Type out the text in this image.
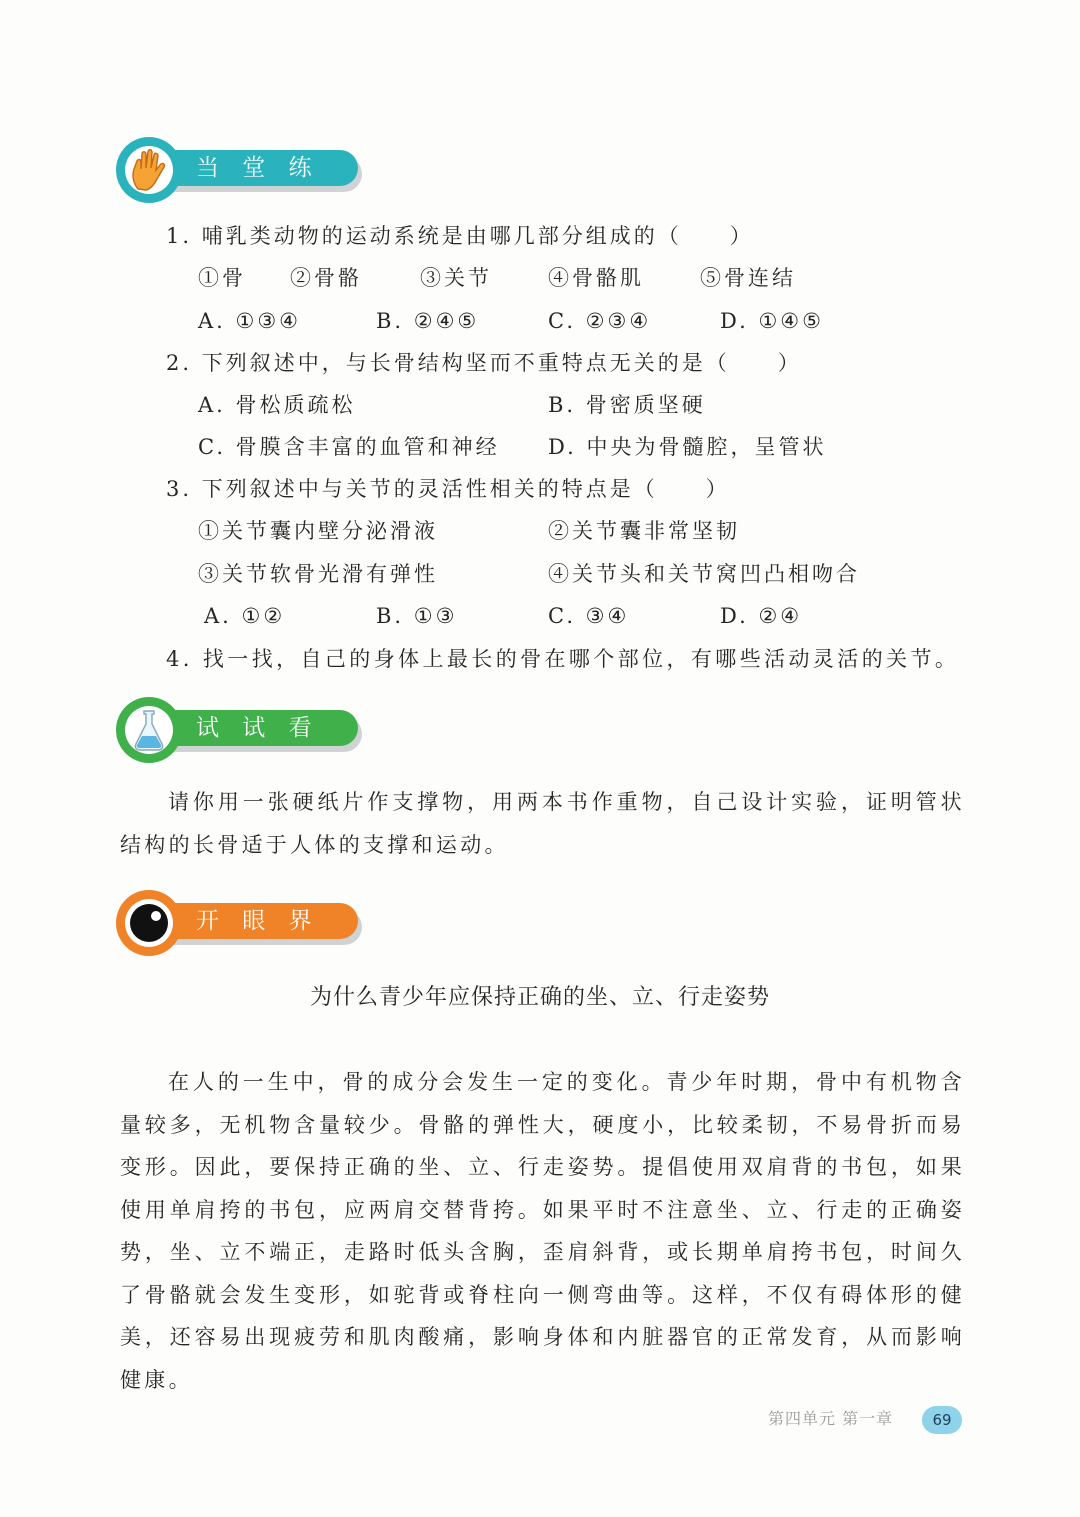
当 堂 练
1. 哺乳类动物的运动系统是由哪几部分组成的（　　）
①骨 ②骨骼	③关节	④骨骼肌	⑤骨连结
A. ①③④	B. ②④⑤	C. ②③④	D. ①④⑤
2. 下列叙述中，与长骨结构坚而不重特点无关的是（　　）
A. 骨松质疏松	B. 骨密质坚硬
C. 骨膜含丰富的血管和神经 D. 中央为骨髓腔，呈管状
3. 下列叙述中与关节的灵活性相关的特点是（　　）
①关节囊内壁分泌滑液	②关节囊非常坚韧
③关节软骨光滑有弹性	④关节头和关节窝凹凸相吻合
A. ①②	B. ①③	C. ③④	D. ②④
4. 找一找，自己的身体上最长的骨在哪个部位，有哪些活动灵活的关节。
试 试 看
请你用一张硬纸片作支撑物，用两本书作重物，自己设计实验，证明管状结构的长骨适于人体的支撑和运动。
开 眼 界
为什么青少年应保持正确的坐、立、行走姿势
在人的一生中，骨的成分会发生一定的变化。青少年时期，骨中有机物含量较多，无机物含量较少。骨骼的弹性大，硬度小，比较柔韧，不易骨折而易变形。因此，要保持正确的坐、立、行走姿势。提倡使用双肩背的书包，如果使用单肩挎的书包，应两肩交替背挎。如果平时不注意坐、立、行走的正确姿势，坐、立不端正，走路时低头含胸，歪肩斜背，或长期单肩挎书包，时间久了骨骼就会发生变形，如驼背或脊柱向一侧弯曲等。这样，不仅有碍体形的健美，还容易出现疲劳和肌肉酸痛，影响身体和内脏器官的正常发育，从而影响健康。
第四单元 第一章	69
